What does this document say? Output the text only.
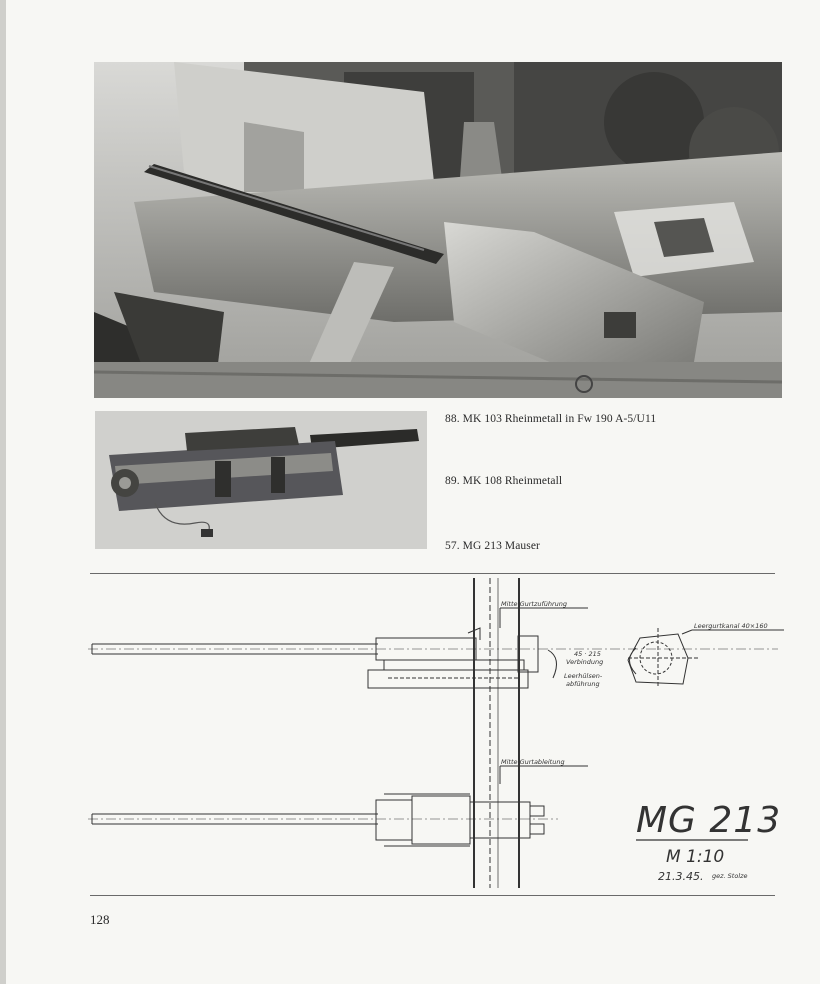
88. MK 103 Rheinmetall in Fw 190 A-5/U11
89. MK 108 Rheinmetall
57. MG 213 Mauser
Mitte Gurtzuführung
Leergurtkanal 40×160
45 · 215
Verbindung
Leerhülsen-
abführung
Mitte Gurtableitung
MG 213
M 1:10
21.3.45. gez. Stolze
128
